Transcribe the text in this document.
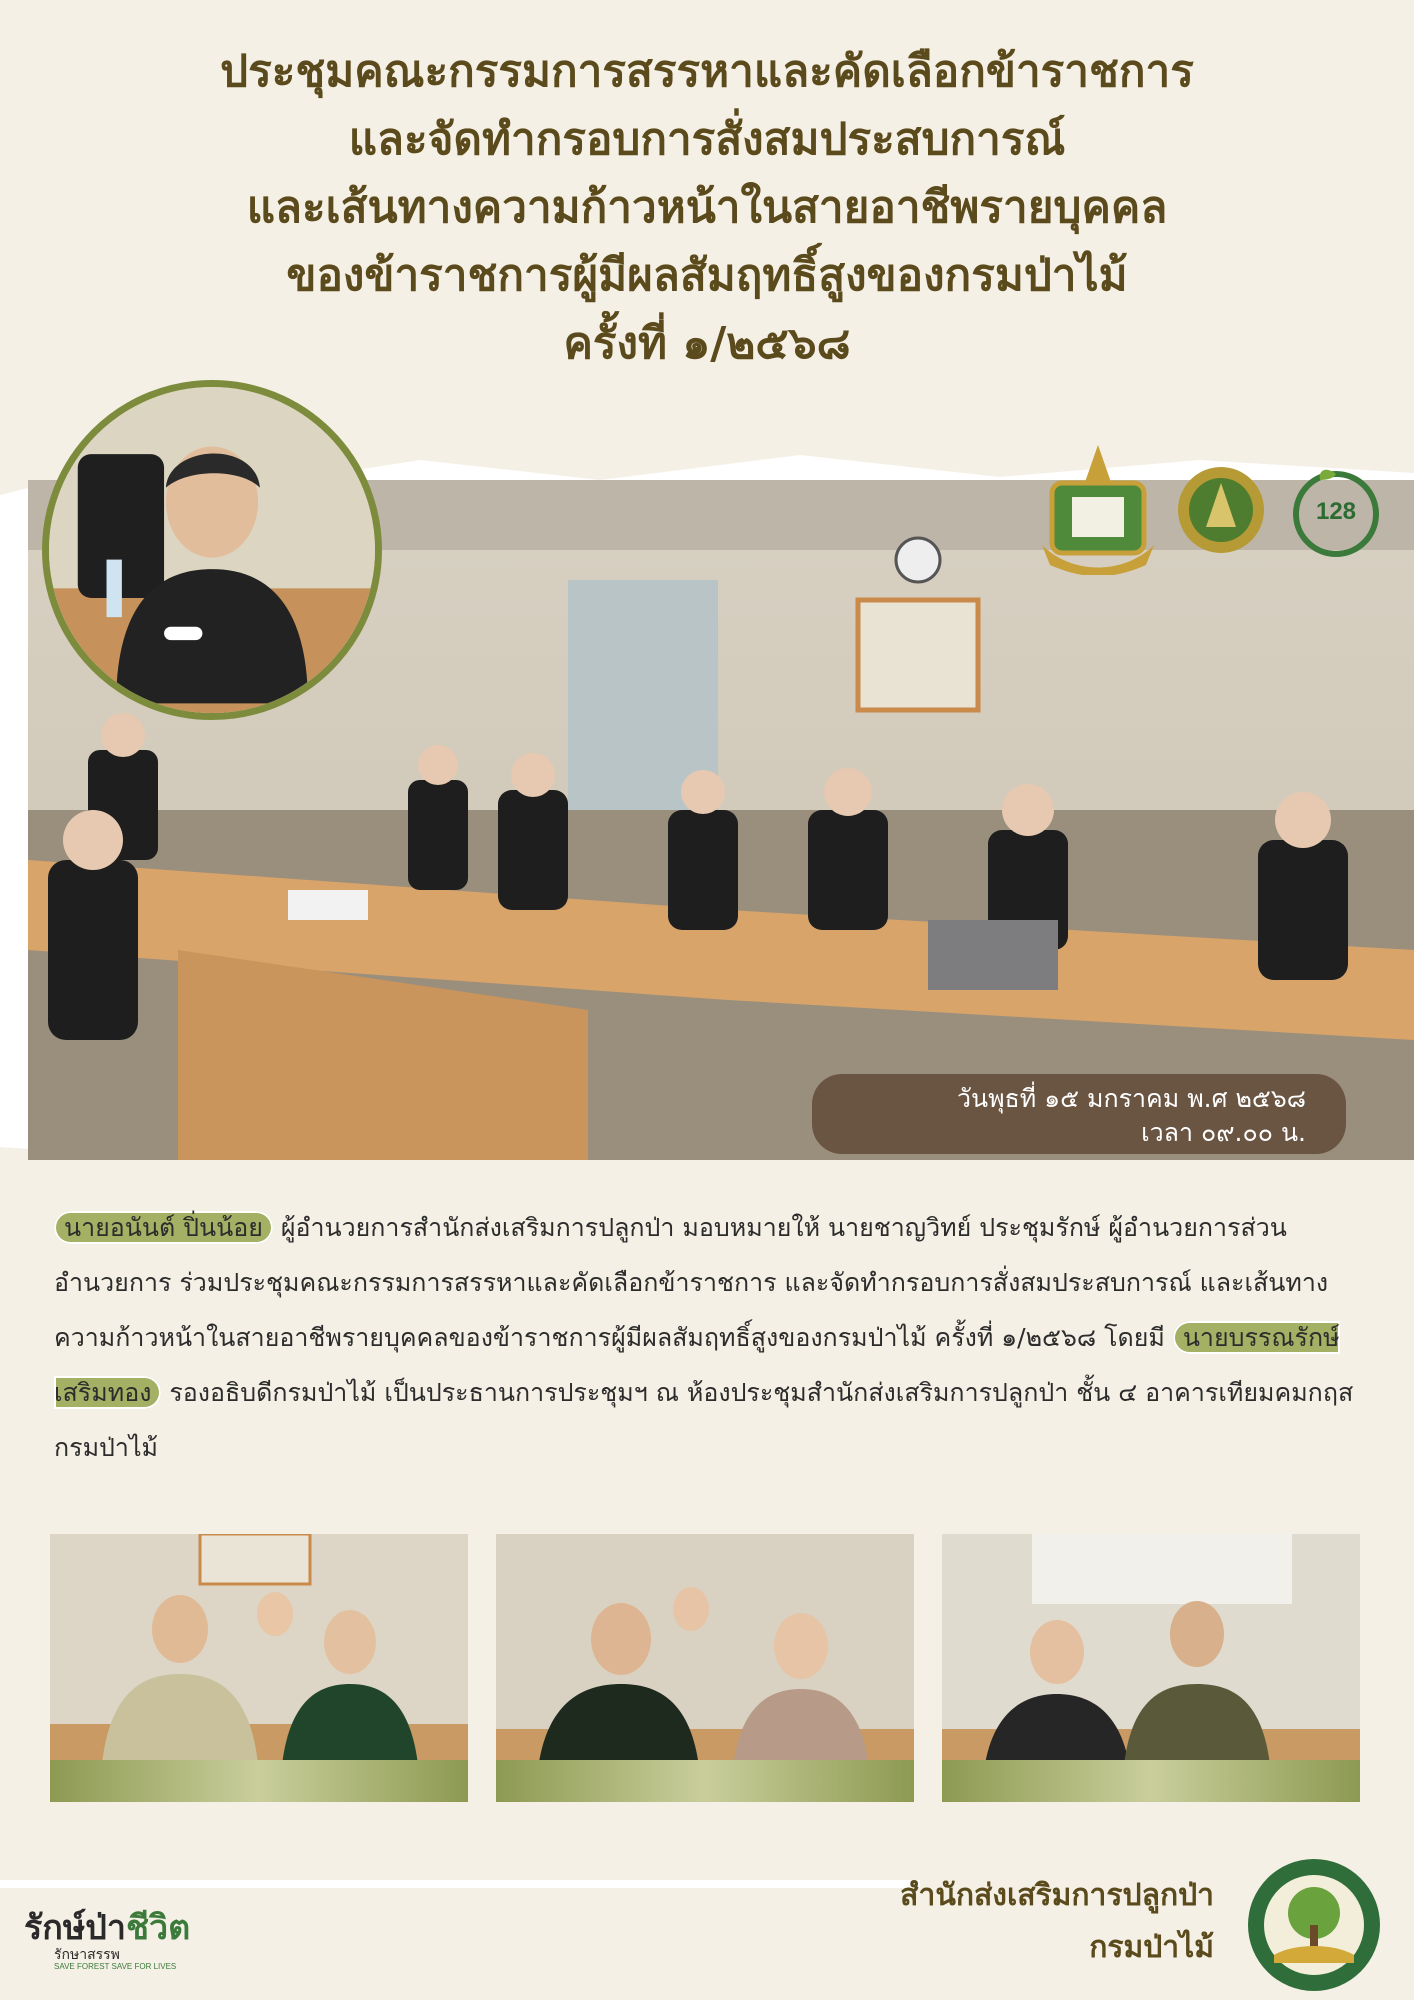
ประชุมคณะกรรมการสรรหาและคัดเลือกข้าราชการ
และจัดทำกรอบการสั่งสมประสบการณ์
และเส้นทางความก้าวหน้าในสายอาชีพรายบุคคล
ของข้าราชการผู้มีผลสัมฤทธิ์สูงของกรมป่าไม้
ครั้งที่ ๑/๒๕๖๘
128
วันพุธที่ ๑๕ มกราคม พ.ศ ๒๕๖๘
เวลา ๐๙.๐๐ น.
นายอนันต์ ปิ่นน้อย ผู้อำนวยการสำนักส่งเสริมการปลูกป่า มอบหมายให้ นายชาญวิทย์ ประชุมรักษ์ ผู้อำนวยการส่วนอำนวยการ ร่วมประชุมคณะกรรมการสรรหาและคัดเลือกข้าราชการ และจัดทำกรอบการสั่งสมประสบการณ์ และเส้นทางความก้าวหน้าในสายอาชีพรายบุคคลของข้าราชการผู้มีผลสัมฤทธิ์สูงของกรมป่าไม้ ครั้งที่ ๑/๒๕๖๘ โดยมี นายบรรณรักษ์ เสริมทอง รองอธิบดีกรมป่าไม้ เป็นประธานการประชุมฯ ณ ห้องประชุมสำนักส่งเสริมการปลูกป่า ชั้น ๔ อาคารเทียมคมกฤส กรมป่าไม้
รักษ์ป่าชีวิต
รักษาสรรพ
SAVE FOREST SAVE FOR LIVES
สำนักส่งเสริมการปลูกป่า
กรมป่าไม้
